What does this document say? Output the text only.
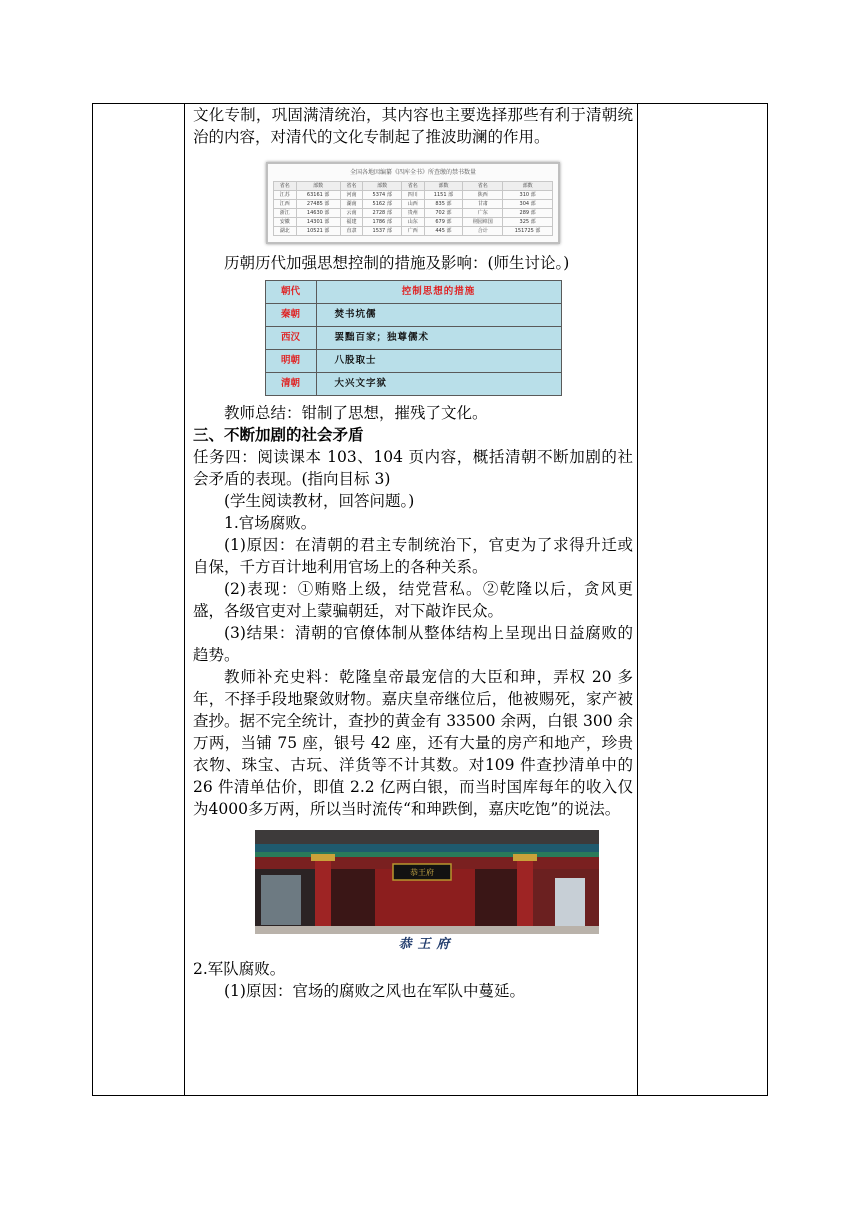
文化专制，巩固满清统治，其内容也主要选择那些有利于清朝统治的内容，对清代的文化专制起了推波助澜的作用。

全国各地因编纂《四库全书》所查缴的禁书数量
省名	部数	省名	部数	省名	部数	省名	部数
江苏	63161 部	河南	5374 部	四川	1151 部	陕西	310 部
江西	27485 部	湖南	5162 部	山西	835 部	甘肃	304 部
浙江	14630 部	云南	2728 部	贵州	702 部	广东	289 部
安徽	14301 部	福建	1786 部	山东	679 部	荆园绰国	325 部
湖北	10521 部	直隶	1537 部	广西	445 部	合计	151725 部

历朝历代加强思想控制的措施及影响：(师生讨论。)

朝代	控制思想的措施
秦朝	焚书坑儒
西汉	罢黜百家；独尊儒术
明朝	八股取士
清朝	大兴文字狱

教师总结：钳制了思想，摧残了文化。

三、不断加剧的社会矛盾

任务四：阅读课本 103、104 页内容，概括清朝不断加剧的社会矛盾的表现。(指向目标 3)

(学生阅读教材，回答问题。)

1.官场腐败。

(1)原因：在清朝的君主专制统治下，官吏为了求得升迁或自保，千方百计地利用官场上的各种关系。

(2)表现：①贿赂上级，结党营私。②乾隆以后，贪风更盛，各级官吏对上蒙骗朝廷，对下敲诈民众。

(3)结果：清朝的官僚体制从整体结构上呈现出日益腐败的趋势。

教师补充史料：乾隆皇帝最宠信的大臣和珅，弄权 20 多年，不择手段地聚敛财物。嘉庆皇帝继位后，他被赐死，家产被查抄。据不完全统计，查抄的黄金有 33500 余两，白银 300 余万两，当铺 75 座，银号 42 座，还有大量的房产和地产，珍贵衣物、珠宝、古玩、洋货等不计其数。对109 件查抄清单中的 26 件清单估价，即值 2.2 亿两白银，而当时国库每年的收入仅为4000多万两，所以当时流传“和珅跌倒，嘉庆吃饱”的说法。

恭王府
恭王府

2.军队腐败。

(1)原因：官场的腐败之风也在军队中蔓延。
